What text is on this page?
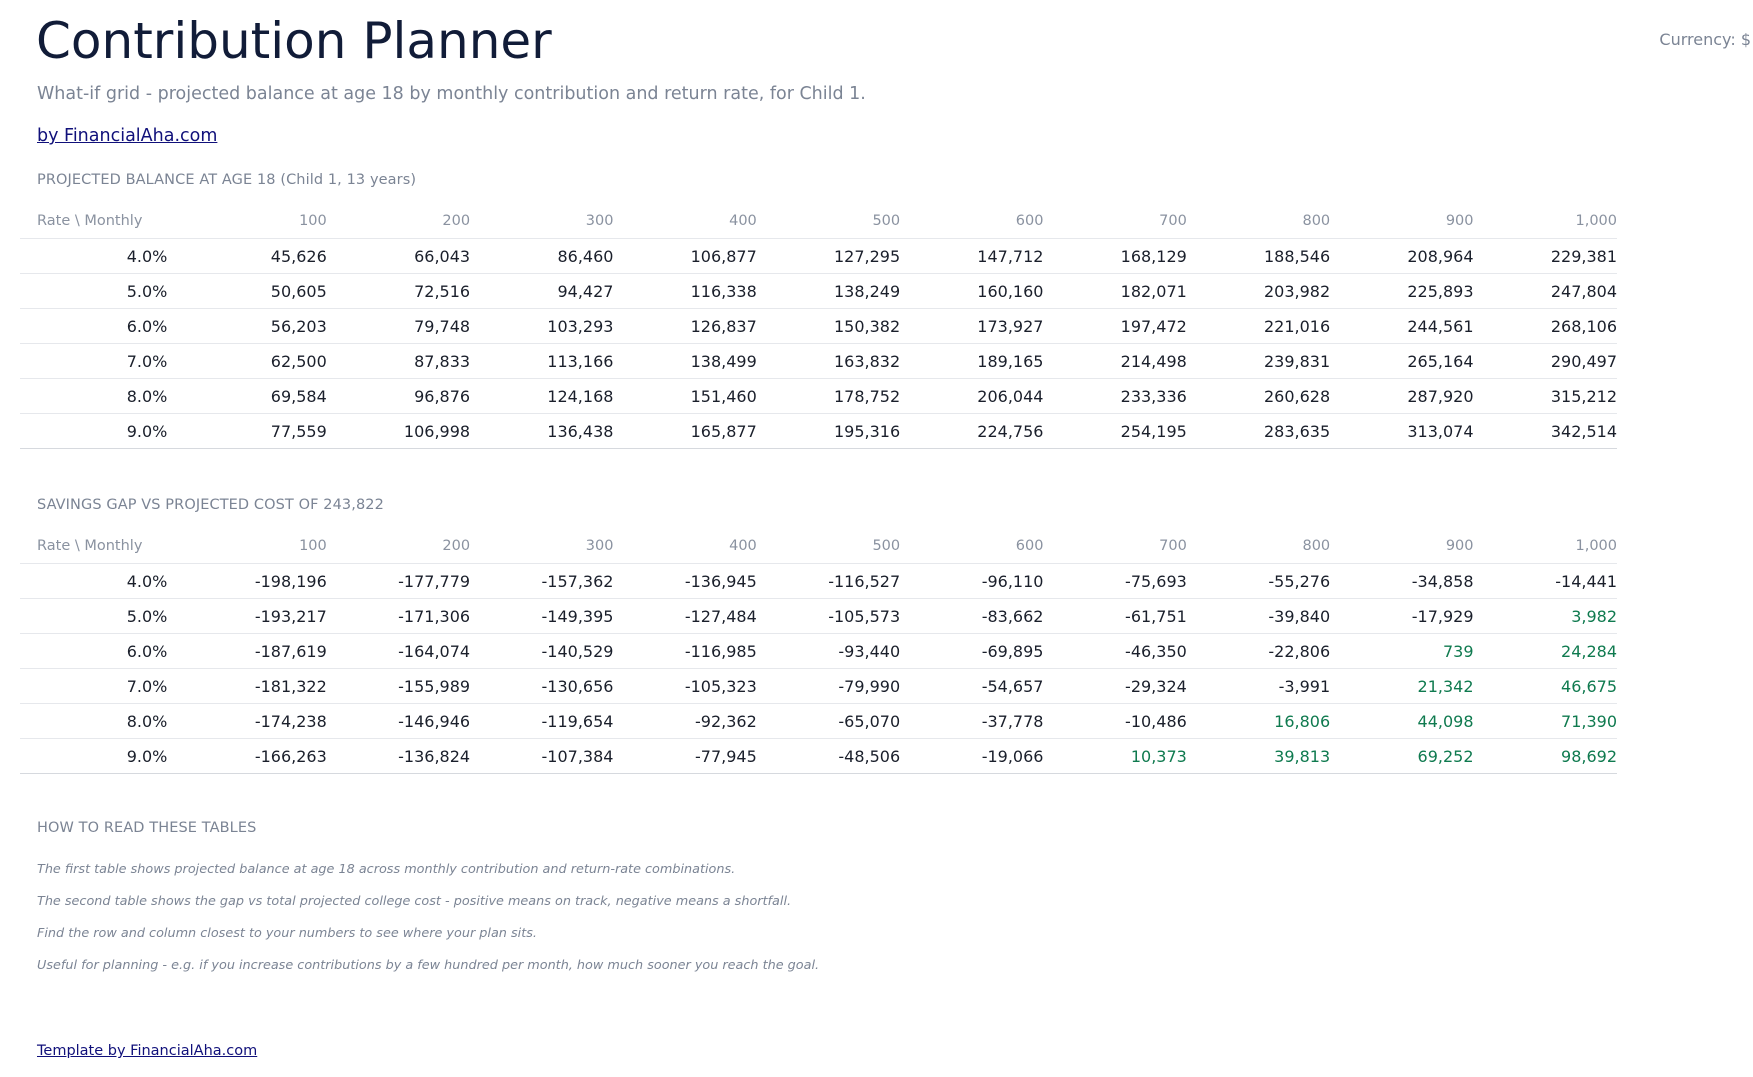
Contribution Planner	Currency: $
What-if grid - projected balance at age 18 by monthly contribution and return rate, for Child 1.
by FinancialAha.com
PROJECTED BALANCE AT AGE 18 (Child 1, 13 years)
Rate \ Monthly	100	200	300	400	500	600	700	800	900	1,000
4.0%	45,626	66,043	86,460	106,877	127,295	147,712	168,129	188,546	208,964	229,381
5.0%	50,605	72,516	94,427	116,338	138,249	160,160	182,071	203,982	225,893	247,804
6.0%	56,203	79,748	103,293	126,837	150,382	173,927	197,472	221,016	244,561	268,106
7.0%	62,500	87,833	113,166	138,499	163,832	189,165	214,498	239,831	265,164	290,497
8.0%	69,584	96,876	124,168	151,460	178,752	206,044	233,336	260,628	287,920	315,212
9.0%	77,559	106,998	136,438	165,877	195,316	224,756	254,195	283,635	313,074	342,514
SAVINGS GAP VS PROJECTED COST OF 243,822
Rate \ Monthly	100	200	300	400	500	600	700	800	900	1,000
4.0%	-198,196	-177,779	-157,362	-136,945	-116,527	-96,110	-75,693	-55,276	-34,858	-14,441
5.0%	-193,217	-171,306	-149,395	-127,484	-105,573	-83,662	-61,751	-39,840	-17,929	3,982
6.0%	-187,619	-164,074	-140,529	-116,985	-93,440	-69,895	-46,350	-22,806	739	24,284
7.0%	-181,322	-155,989	-130,656	-105,323	-79,990	-54,657	-29,324	-3,991	21,342	46,675
8.0%	-174,238	-146,946	-119,654	-92,362	-65,070	-37,778	-10,486	16,806	44,098	71,390
9.0%	-166,263	-136,824	-107,384	-77,945	-48,506	-19,066	10,373	39,813	69,252	98,692
HOW TO READ THESE TABLES
The first table shows projected balance at age 18 across monthly contribution and return-rate combinations.
The second table shows the gap vs total projected college cost - positive means on track, negative means a shortfall.
Find the row and column closest to your numbers to see where your plan sits.
Useful for planning - e.g. if you increase contributions by a few hundred per month, how much sooner you reach the goal.
Template by FinancialAha.com
